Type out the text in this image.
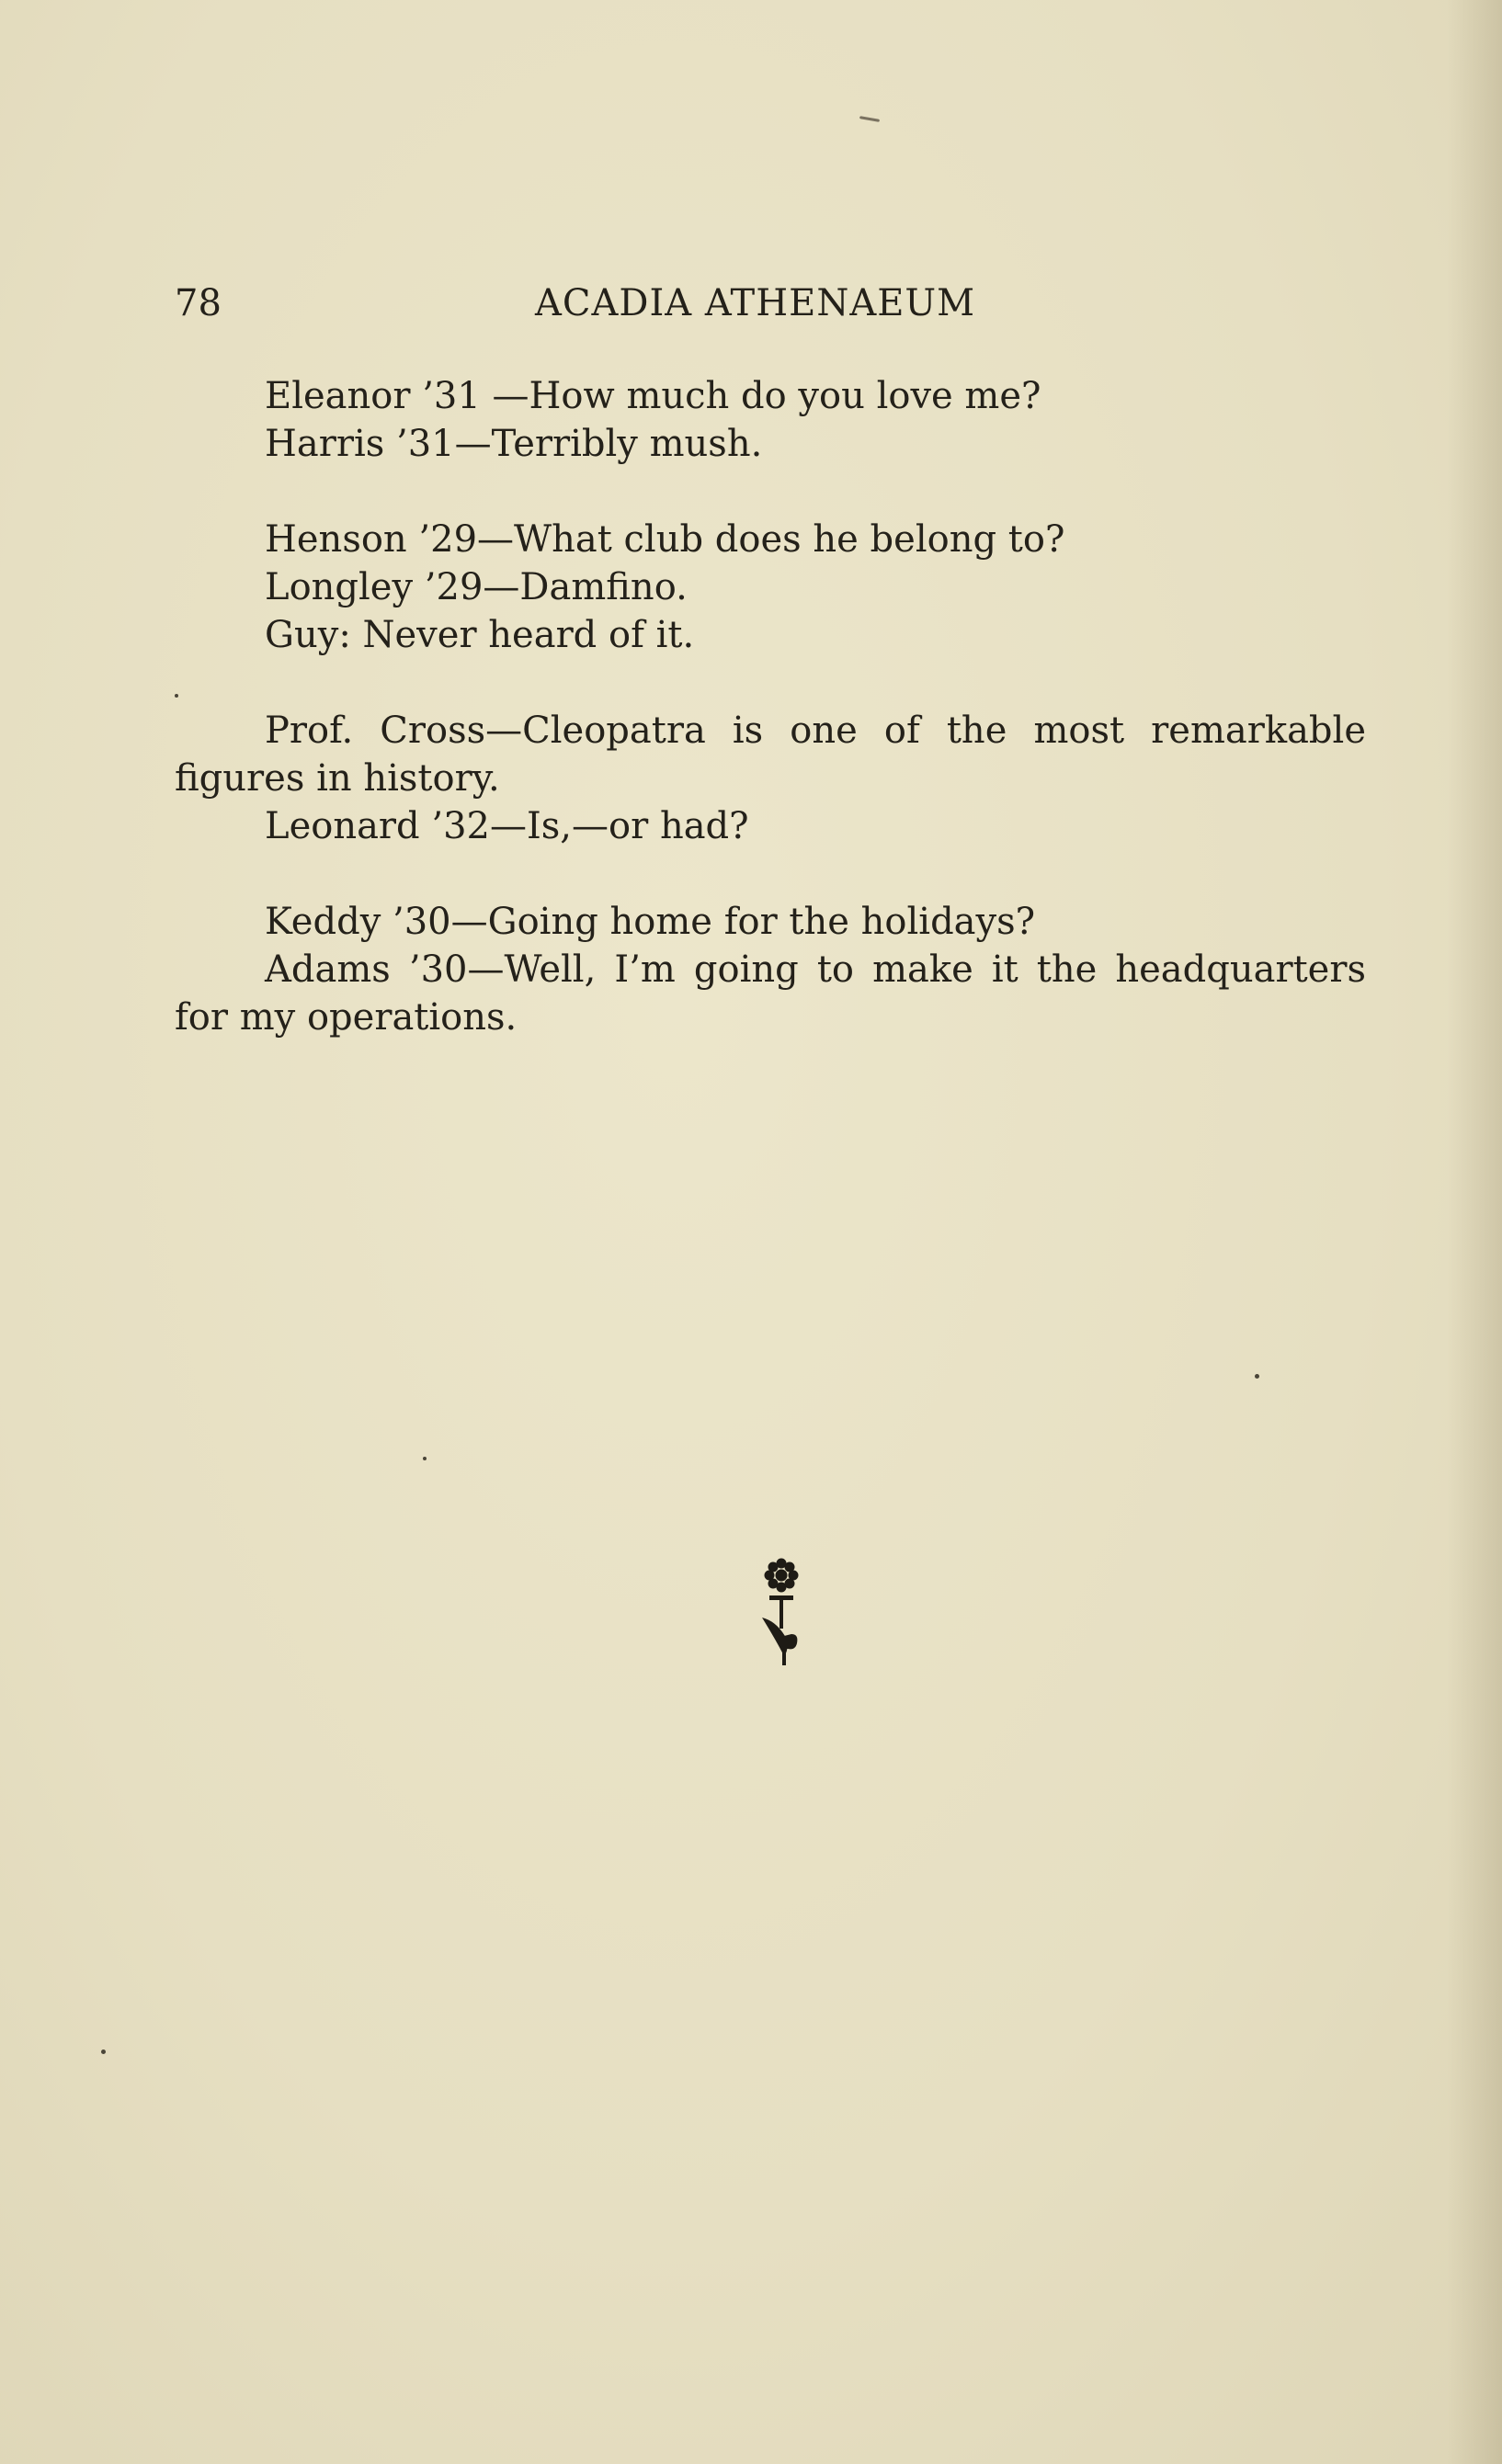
78	ACADIA ATHENAEUM
Eleanor ’31 —How much do you love me?
Harris ’31—Terribly mush.
Henson ’29—What club does he belong to?
Longley ’29—Damfino.
Guy: Never heard of it.
Prof. Cross—Cleopatra is one of the most remarkable
figures in history.
Leonard ’32—Is,—or had?
Keddy ’30—Going home for the holidays?
Adams ’30—Well, I’m going to make it the headquarters
for my operations.
